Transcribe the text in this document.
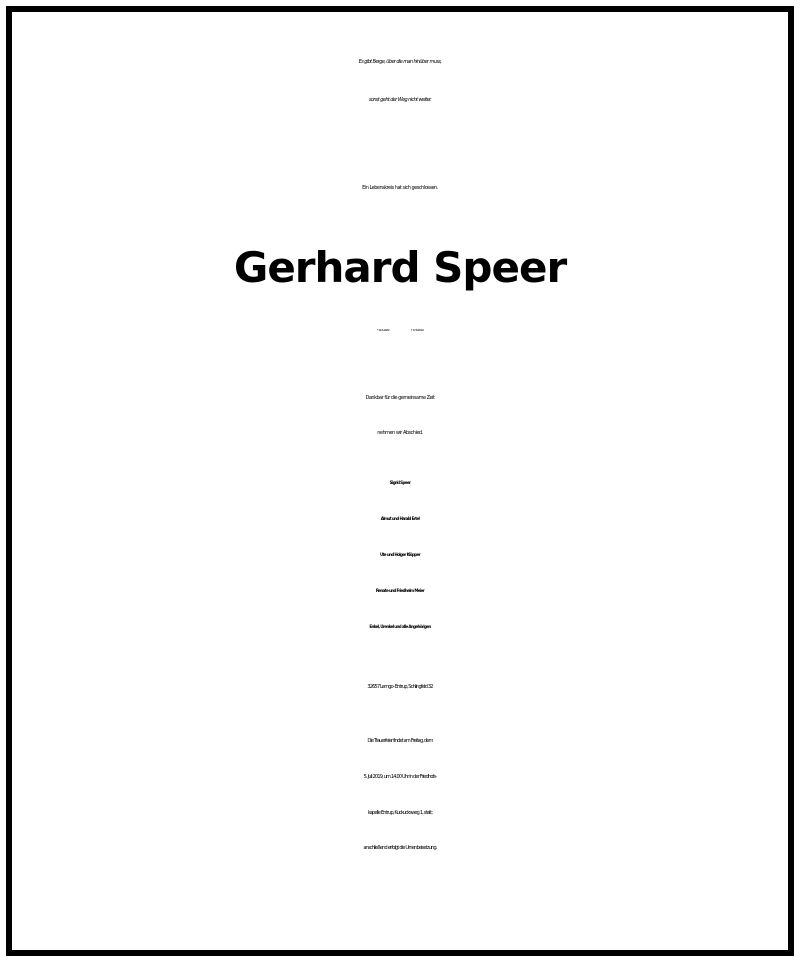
Es gibt Berge, über die man hinüber muss,
sonst geht der Weg nicht weiter.
Ein Lebenskreis hat sich geschlossen.
Gerhard Speer
* 11.6.1929	† 17.6.2019
Dankbar für die gemeinsame Zeit
nehmen wir Abschied.
Sigrid Speer
Almut und Harald Ertel
Ute und Holger Klöpper
Renate und Friedhelm Meier
Enkel, Urenkel und alle Angehörigen
32657 Lemgo- Entrup, Schlingfeld 32
Die Trauerfeier findet am Freitag, dem
5. Juli 2019, um 14.00 Uhr in der Friedhofs-
kapelle Entrup, Kuckucksweg 1, statt;
anschließend erfolgt die Urnenbeisetzung.
